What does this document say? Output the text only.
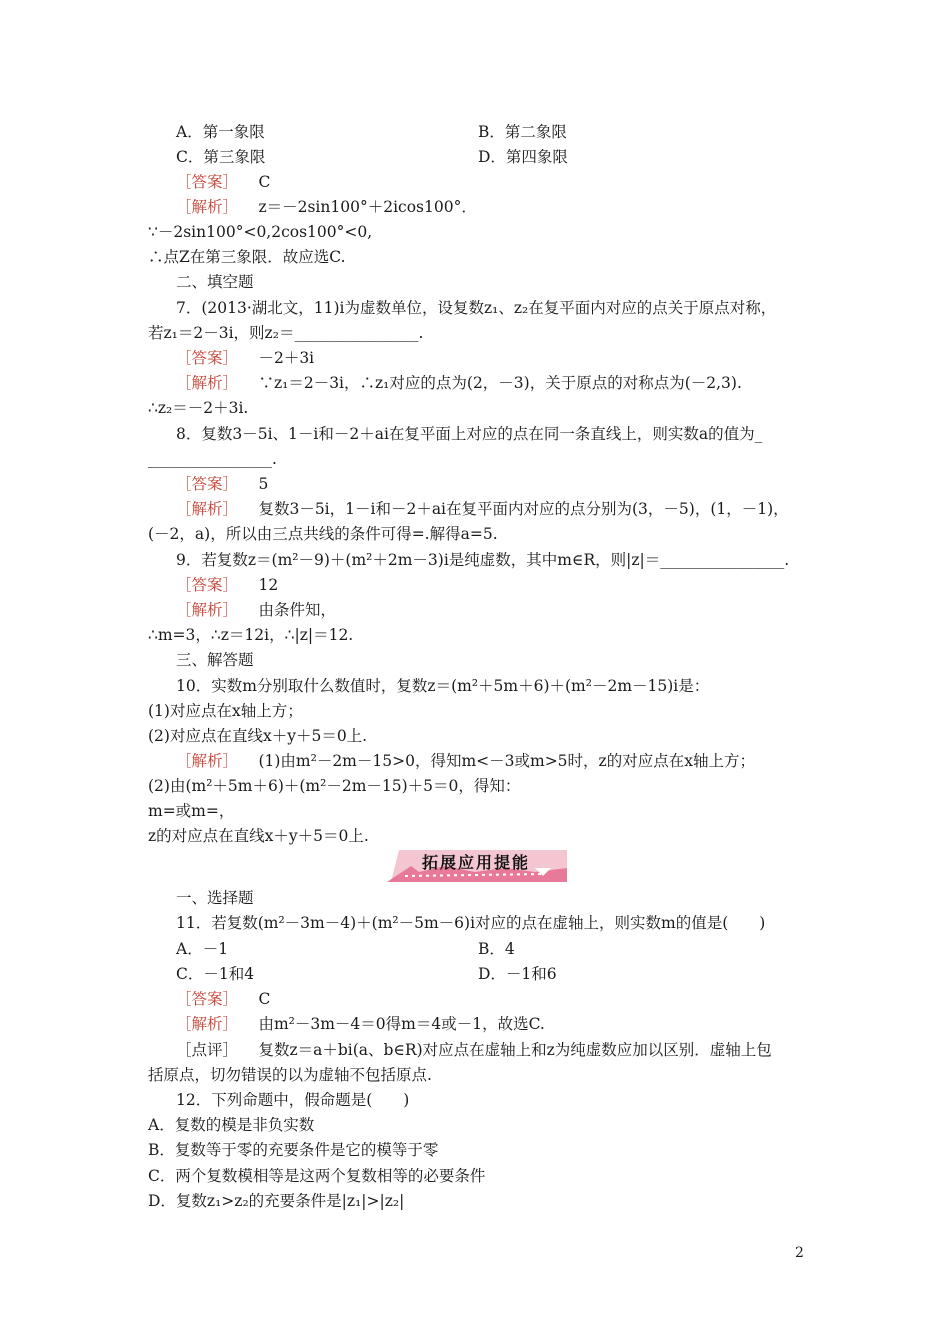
A．第一象限	B．第二象限
C．第三象限	D．第四象限
［答案］ 　C
［解析］ 　z＝－2sin100°＋2icos100°．
∵－2sin100°<0,2cos100°<0,
∴点Z在第三象限．故应选C.
二、填空题
7．(2013·湖北文，11)i为虚数单位，设复数z₁、z₂在复平面内对应的点关于原点对称，
若z₁＝2－3i，则z₂＝________________.
［答案］ 　－2＋3i
［解析］ 　∵z₁＝2－3i，∴z₁对应的点为(2，－3)，关于原点的对称点为(－2,3).
∴z₂＝－2＋3i.
8．复数3－5i、1－i和－2＋ai在复平面上对应的点在同一条直线上，则实数a的值为_
________________.
［答案］ 　5
［解析］ 　复数3－5i，1－i和－2＋ai在复平面内对应的点分别为(3，－5)，(1，－1)，
(－2，a)，所以由三点共线的条件可得=.解得a=5.
9．若复数z＝(m²－9)＋(m²＋2m－3)i是纯虚数，其中m∈R，则|z|＝________________.
［答案］ 　12
［解析］ 　由条件知，
∴m=3，∴z＝12i，∴|z|＝12.
三、解答题
10．实数m分别取什么数值时，复数z＝(m²＋5m＋6)＋(m²－2m－15)i是：
(1)对应点在x轴上方；
(2)对应点在直线x＋y＋5＝0上.
［解析］ 　(1)由m²－2m－15>0，得知m<－3或m>5时，z的对应点在x轴上方；
(2)由(m²＋5m＋6)＋(m²－2m－15)＋5＝0，得知：
m=或m=，
z的对应点在直线x＋y＋5＝0上.
拓展应用提能
一、选择题
11．若复数(m²－3m－4)＋(m²－5m－6)i对应的点在虚轴上，则实数m的值是(　　)
A．－1	B．4
C．－1和4	D．－1和6
［答案］ 　C
［解析］ 　由m²－3m－4＝0得m＝4或－1，故选C.
［点评］ 　复数z＝a＋bi(a、b∈R)对应点在虚轴上和z为纯虚数应加以区别．虚轴上包
括原点，切勿错误的以为虚轴不包括原点.
12．下列命题中，假命题是(　　)
A．复数的模是非负实数
B．复数等于零的充要条件是它的模等于零
C．两个复数模相等是这两个复数相等的必要条件
D．复数z₁>z₂的充要条件是|z₁|>|z₂|
2
